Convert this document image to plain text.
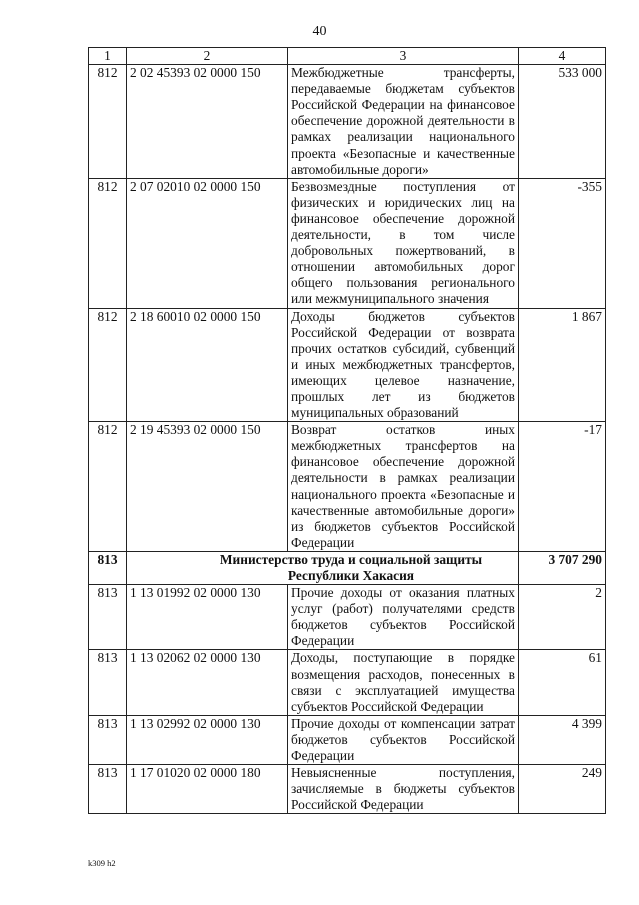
40
1	2	3	4
812	2 02 45393 02 0000 150	Межбюджетные трансферты, передаваемые бюджетам субъектов Российской Федерации на финансовое обеспечение дорожной деятельности в рамках реализации национального проекта «Безопасные и качественные автомобильные дороги»	533 000
812	2 07 02010 02 0000 150	Безвозмездные поступления от физических и юридических лиц на финансовое обеспечение дорожной деятельности, в том числе добровольных пожертвований, в отношении автомобильных дорог общего пользования регионального или межмуниципального значения	-355
812	2 18 60010 02 0000 150	Доходы бюджетов субъектов Российской Федерации от возврата прочих остатков субсидий, субвенций и иных межбюджетных трансфертов, имеющих целевое назначение, прошлых лет из бюджетов муниципальных образований	1 867
812	2 19 45393 02 0000 150	Возврат остатков иных межбюджетных трансфертов на финансовое обеспечение дорожной деятельности в рамках реализации национального проекта «Безопасные и качественные автомобильные дороги» из бюджетов субъектов Российской Федерации	-17
813	Министерство труда и социальной защиты Республики Хакасия		3 707 290
813	1 13 01992 02 0000 130	Прочие доходы от оказания платных услуг (работ) получателями средств бюджетов субъектов Российской Федерации	2
813	1 13 02062 02 0000 130	Доходы, поступающие в порядке возмещения расходов, понесенных в связи с эксплуатацией имущества субъектов Российской Федерации	61
813	1 13 02992 02 0000 130	Прочие доходы от компенсации затрат бюджетов субъектов Российской Федерации	4 399
813	1 17 01020 02 0000 180	Невыясненные поступления, зачисляемые в бюджеты субъектов Российской Федерации	249
k309 h2
